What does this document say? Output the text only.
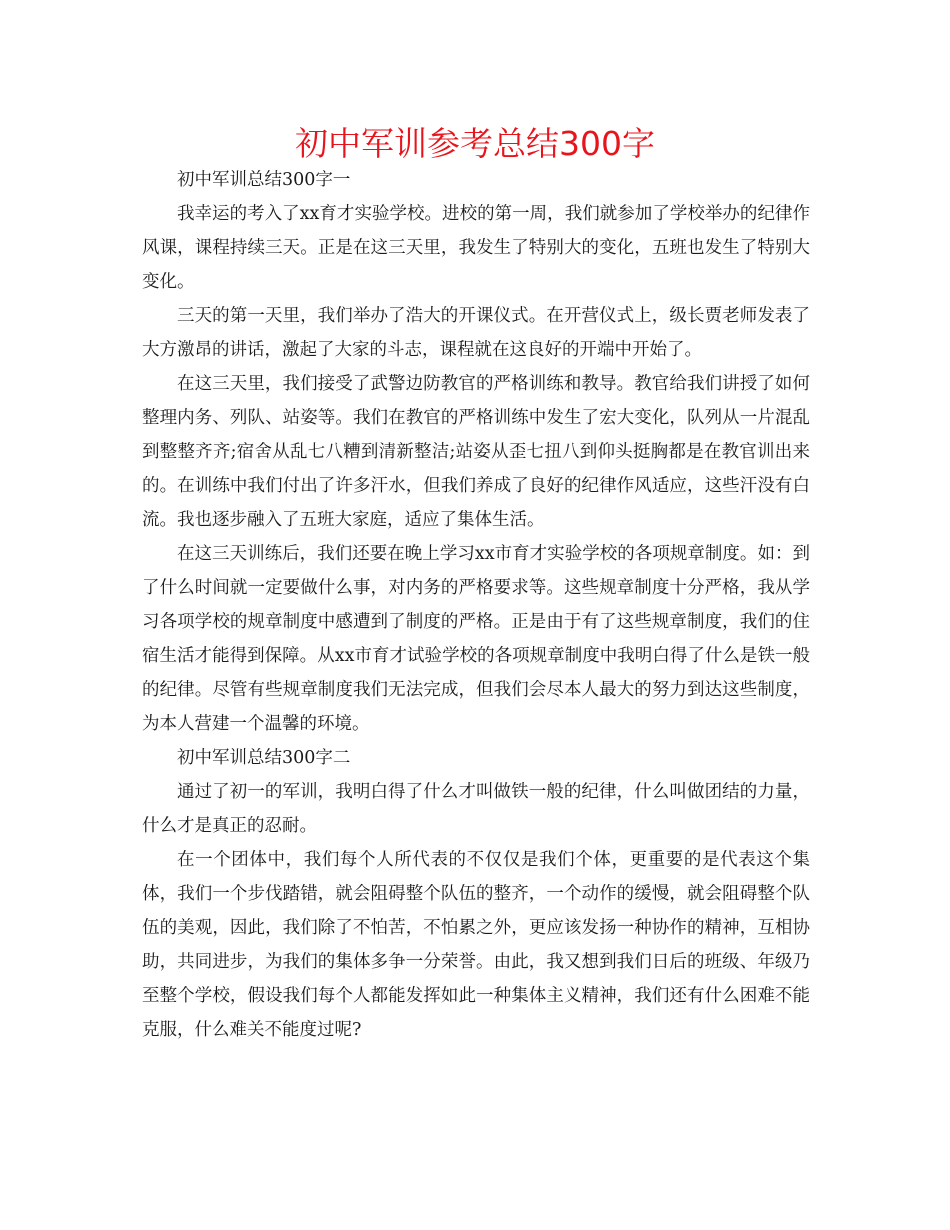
初中军训参考总结300字

初中军训总结300字一

我幸运的考入了xx育才实验学校。进校的第一周，我们就参加了学校举办的纪律作风课，课程持续三天。正是在这三天里，我发生了特别大的变化，五班也发生了特别大变化。

三天的第一天里，我们举办了浩大的开课仪式。在开营仪式上，级长贾老师发表了大方激昂的讲话，激起了大家的斗志，课程就在这良好的开端中开始了。

在这三天里，我们接受了武警边防教官的严格训练和教导。教官给我们讲授了如何整理内务、列队、站姿等。我们在教官的严格训练中发生了宏大变化，队列从一片混乱到整整齐齐;宿舍从乱七八糟到清新整洁;站姿从歪七扭八到仰头挺胸都是在教官训出来的。在训练中我们付出了许多汗水，但我们养成了良好的纪律作风适应，这些汗没有白流。我也逐步融入了五班大家庭，适应了集体生活。

在这三天训练后，我们还要在晚上学习xx市育才实验学校的各项规章制度。如：到了什么时间就一定要做什么事，对内务的严格要求等。这些规章制度十分严格，我从学习各项学校的规章制度中感遭到了制度的严格。正是由于有了这些规章制度，我们的住宿生活才能得到保障。从xx市育才试验学校的各项规章制度中我明白得了什么是铁一般的纪律。尽管有些规章制度我们无法完成，但我们会尽本人最大的努力到达这些制度，为本人营建一个温馨的环境。

初中军训总结300字二

通过了初一的军训，我明白得了什么才叫做铁一般的纪律，什么叫做团结的力量，什么才是真正的忍耐。

在一个团体中，我们每个人所代表的不仅仅是我们个体，更重要的是代表这个集体，我们一个步伐踏错，就会阻碍整个队伍的整齐，一个动作的缓慢，就会阻碍整个队伍的美观，因此，我们除了不怕苦，不怕累之外，更应该发扬一种协作的精神，互相协助，共同进步，为我们的集体多争一分荣誉。由此，我又想到我们日后的班级、年级乃至整个学校，假设我们每个人都能发挥如此一种集体主义精神，我们还有什么困难不能克服，什么难关不能度过呢?
